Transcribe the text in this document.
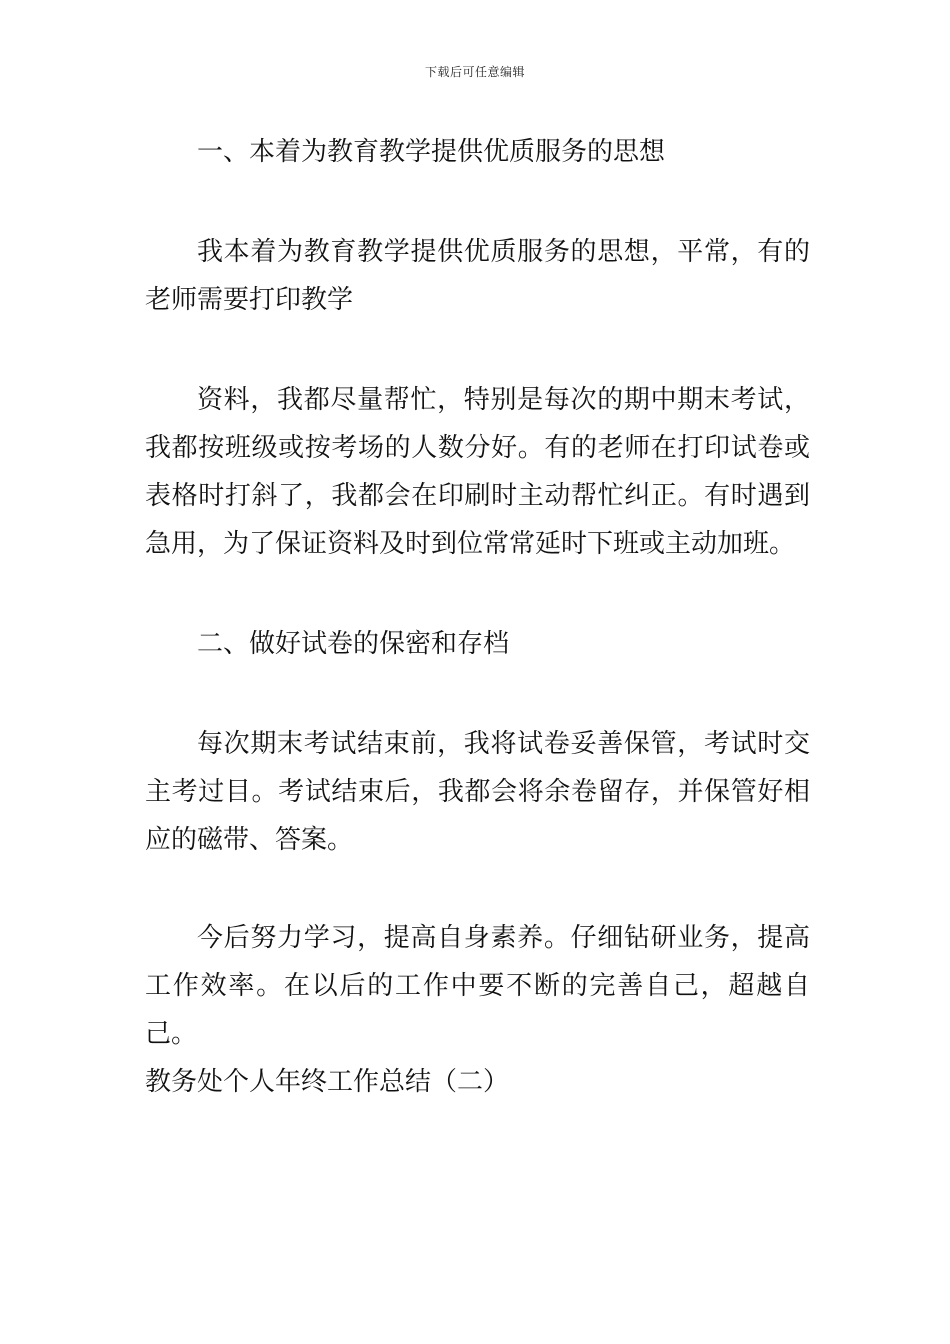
下载后可任意编辑

一、本着为教育教学提供优质服务的思想

我本着为教育教学提供优质服务的思想，平常，有的老师需要打印教学

资料，我都尽量帮忙，特别是每次的期中期末考试，我都按班级或按考场的人数分好。有的老师在打印试卷或表格时打斜了，我都会在印刷时主动帮忙纠正。有时遇到急用，为了保证资料及时到位常常延时下班或主动加班。

二、做好试卷的保密和存档

每次期末考试结束前，我将试卷妥善保管，考试时交主考过目。考试结束后，我都会将余卷留存，并保管好相应的磁带、答案。

今后努力学习，提高自身素养。仔细钻研业务，提高工作效率。在以后的工作中要不断的完善自己，超越自己。

教务处个人年终工作总结（二）
